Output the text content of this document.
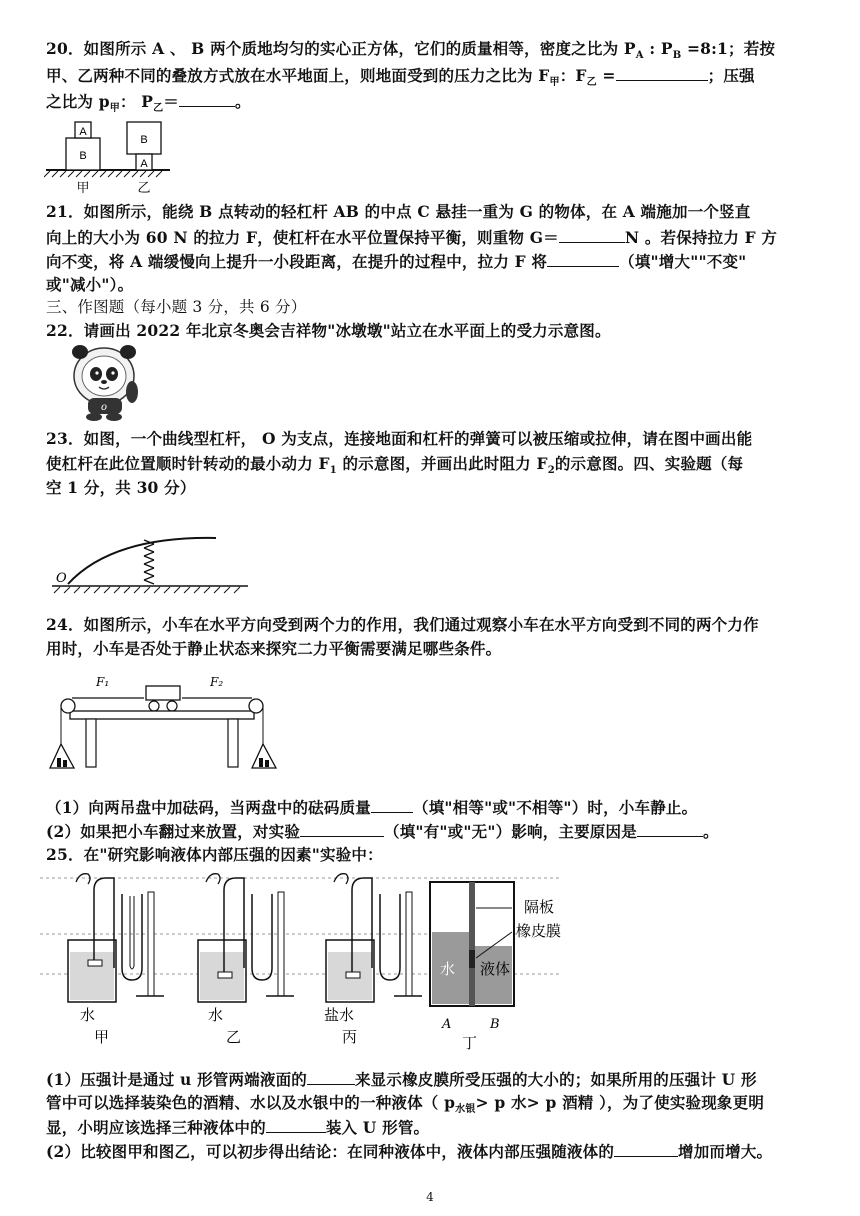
20．如图所示 A 、 B 两个质地均匀的实心正方体，它们的质量相等，密度之比为 $P_A$ : $P_B$ =8:1；若按
甲、乙两种不同的叠放方式放在水平地面上，则地面受到的压力之比为 $F_甲$：$F_乙$ =	；压强
之比为 $p_甲$： $P_乙=$	。
A
B
B
A
甲	乙
21．如图所示，能绕 B 点转动的轻杠杆 AB 的中点 C 悬挂一重为 G 的物体，在 A 端施加一个竖直
向上的大小为 60 N 的拉力 F，使杠杆在水平位置保持平衡，则重物 G＝	N 。若保持拉力 F 方
向不变，将 A 端缓慢向上提升一小段距离，在提升的过程中，拉力 F 将	（填"增大""不变"
或"减小"）。
三、作图题（每小题 3 分，共 6 分）
22．请画出 2022 年北京冬奥会吉祥物"冰墩墩"站立在水平面上的受力示意图。
o
23．如图，一个曲线型杠杆， O 为支点，连接地面和杠杆的弹簧可以被压缩或拉伸，请在图中画出能
使杠杆在此位置顺时针转动的最小动力 $F_1$ 的示意图，并画出此时阻力 $F_2$的示意图。四、实验题（每
空 1 分，共 30 分）
O
24．如图所示，小车在水平方向受到两个力的作用，我们通过观察小车在水平方向受到不同的两个力作
用时，小车是否处于静止状态来探究二力平衡需要满足哪些条件。
F₁	F₂
（1）向两吊盘中加砝码，当两盘中的砝码质量	（填"相等"或"不相等"）时，小车静止。
(2）如果把小车翻过来放置，对实验	（填"有"或"无"）影响，主要原因是	。
25．在"研究影响液体内部压强的因素"实验中：
隔板
橡皮膜
水 液体
水
甲
水
乙
盐水
丙
A	B
丁
(1）压强计是通过 u 形管两端液面的	来显示橡皮膜所受压强的大小的；如果所用的压强计 U 形
管中可以选择装染色的酒精、水以及水银中的一种液体（ $p_{水银}> p$ 水> p 酒精 ），为了使实验现象更明
显，小明应该选择三种液体中的	装入 U 形管。
(2）比较图甲和图乙，可以初步得出结论：在同种液体中，液体内部压强随液体的	增加而增大。
4
